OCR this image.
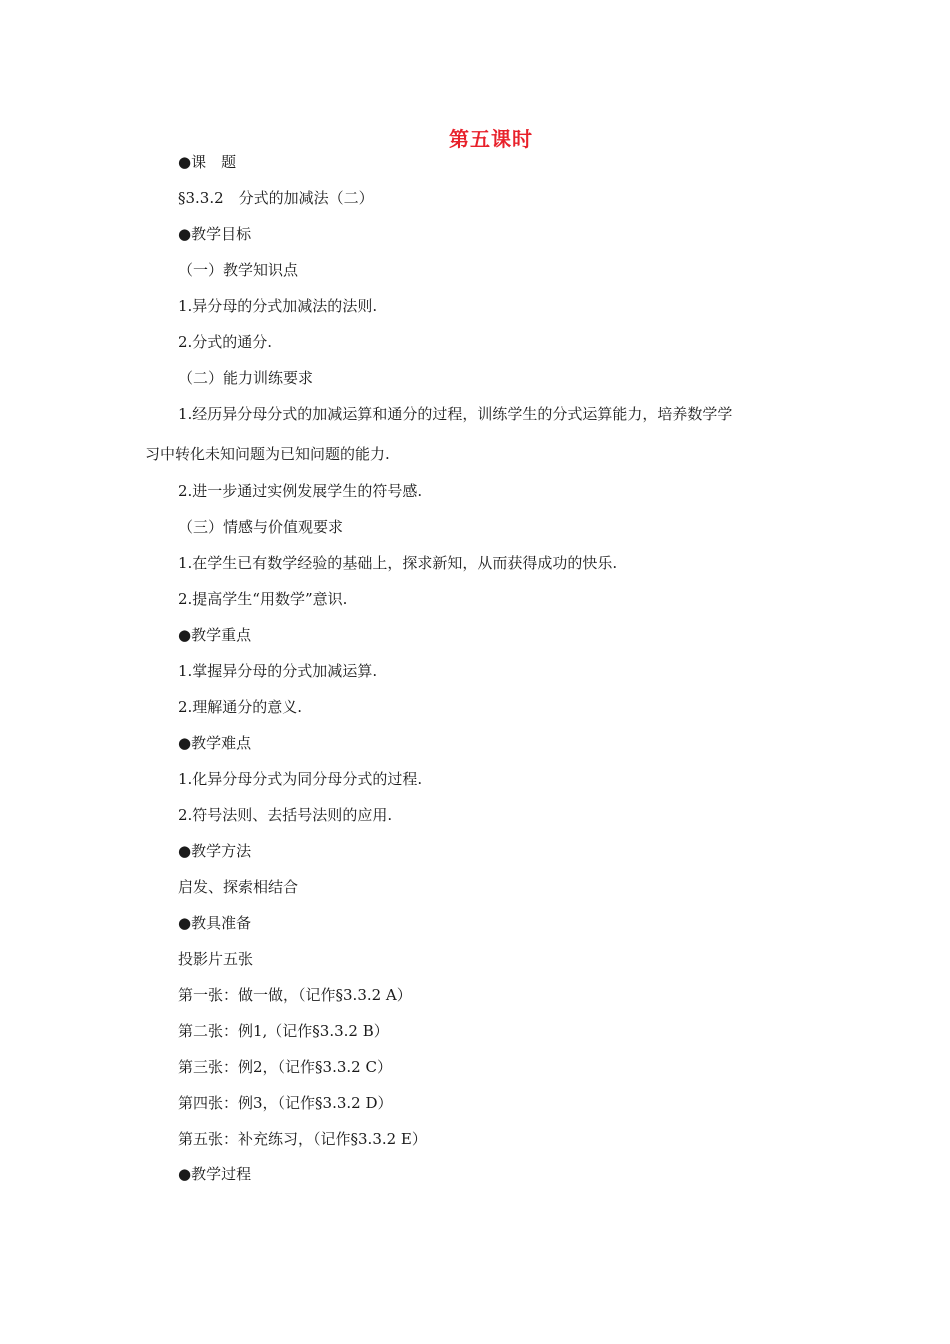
第五课时
●课　题
§3.3.2　分式的加减法（二）
●教学目标
（一）教学知识点
1.异分母的分式加减法的法则.
2.分式的通分.
（二）能力训练要求
1.经历异分母分式的加减运算和通分的过程，训练学生的分式运算能力，培养数学学
习中转化未知问题为已知问题的能力.
2.进一步通过实例发展学生的符号感.
（三）情感与价值观要求
1.在学生已有数学经验的基础上，探求新知，从而获得成功的快乐.
2.提高学生“用数学”意识.
●教学重点
1.掌握异分母的分式加减运算.
2.理解通分的意义.
●教学难点
1.化异分母分式为同分母分式的过程.
2.符号法则、去括号法则的应用.
●教学方法
启发、探索相结合
●教具准备
投影片五张
第一张：做一做，（记作§3.3.2 A）
第二张：例1,（记作§3.3.2 B）
第三张：例2，（记作§3.3.2 C）
第四张：例3，（记作§3.3.2 D）
第五张：补充练习，（记作§3.3.2 E）
●教学过程
